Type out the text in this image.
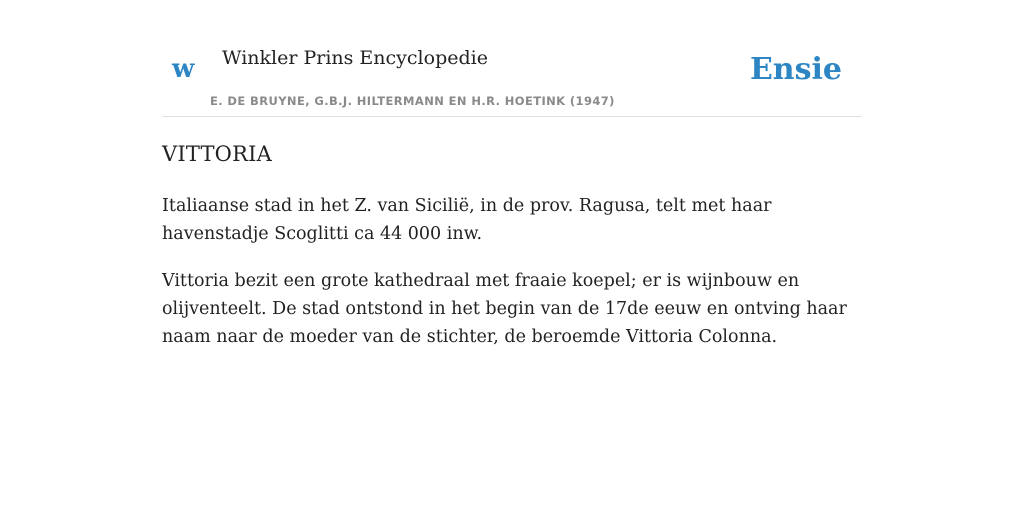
w Winkler Prins Encyclopedie
E. DE BRUYNE, G.B.J. HILTERMANN EN H.R. HOETINK (1947)
Ensie
VITTORIA

Italiaanse stad in het Z. van Sicilië, in de prov. Ragusa, telt met haar havenstadje Scoglitti ca 44 000 inw.

Vittoria bezit een grote kathedraal met fraaie koepel; er is wijnbouw en olijventeelt. De stad ontstond in het begin van de 17de eeuw en ontving haar naam naar de moeder van de stichter, de beroemde Vittoria Colonna.
